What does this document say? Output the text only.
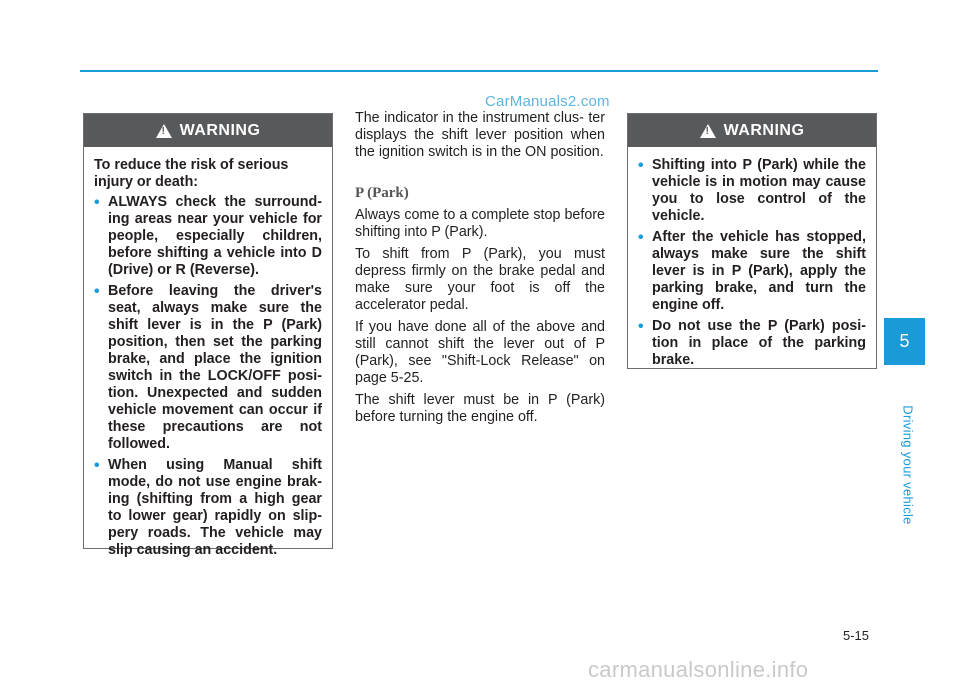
CarManuals2.com
!
WARNING

To reduce the risk of serious injury or death:

• ALWAYS check the surround- ing areas near your vehicle for people, especially children, before shifting a vehicle into D (Drive) or R (Reverse).
• Before leaving the driver's seat, always make sure the shift lever is in the P (Park) position, then set the parking brake, and place the ignition switch in the LOCK/OFF posi- tion. Unexpected and sudden vehicle movement can occur if these precautions are not followed.
• When using Manual shift mode, do not use engine brak- ing (shifting from a high gear to lower gear) rapidly on slip- pery roads. The vehicle may slip causing an accident.

The indicator in the instrument clus- ter displays the shift lever position when the ignition switch is in the ON position.

P (Park)

Always come to a complete stop before shifting into P (Park).

To shift from P (Park), you must depress firmly on the brake pedal and make sure your foot is off the accelerator pedal.

If you have done all of the above and still cannot shift the lever out of P (Park), see "Shift-Lock Release" on page 5-25.

The shift lever must be in P (Park) before turning the engine off.

!
WARNING
• Shifting into P (Park) while the vehicle is in motion may cause you to lose control of the vehicle.
• After the vehicle has stopped, always make sure the shift lever is in P (Park), apply the parking brake, and turn the engine off.
• Do not use the P (Park) posi- tion in place of the parking brake.
5
Driving your vehicle
5-15
carmanualsonline.info
